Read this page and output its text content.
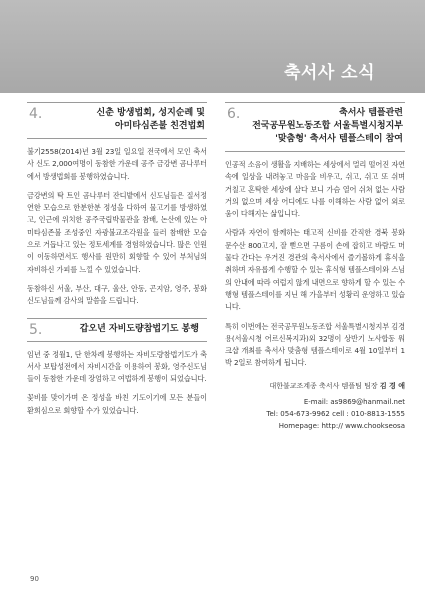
축서사 소식
4.	신춘 방생법회, 성지순례 및
아미타심존불 친견법회

불기2558(2014)년 3월 23일 일요일 전국에서 모인 축서사 신도 2,000여명이 동참한 가운데 공주 금강변 곰나루터에서 방생법회를 봉행하였습니다.

금강변의 탁 트인 곰나루터 잔디밭에서 신도님들은 질서정연한 모습으로 한분한분 정성을 다하여 물고기를 방생하였고, 인근에 위치한 공주국립박물관을 참배, 논산에 있는 아미타심존불 조성중인 자광불교조각원을 들러 참배한 모습으로 거듭나고 있는 정토세계를 경험하였습니다. 많은 인원이 이동하면서도 행사를 원만히 회향할 수 있어 부처님의 자비하신 가피를 느낄 수 있었습니다.

동참하신 서울, 부산, 대구, 울산, 안동, 곤지암, 영주, 봉화신도님들께 감사의 말씀을 드립니다.

5.	갑오년 자비도량참법기도 봉행

임년 중 정월1, 단 한차례 봉행하는 자비도량참법기도가 축서사 보탑성전에서 자비시간을 이용하여 봉화, 영주신도님들이 동참한 가운데 장엄하고 여법하게 봉행이 되었습니다.

꽃비를 맞이가며 온 정성을 바친 기도이기에 모든 분들이 환희심으로 회향할 수가 있었습니다.

6.	축서사 템플관련
전국공무원노동조합 서울특별시청지부
'맞춤형' 축서사 템플스테이 참여

인공적 소음이 생활을 지배하는 세상에서 멀리 떨어진 자연 속에 일상을 내려놓고 마음을 비우고, 쉬고, 쉬고 또 쉬며 거칠고 혼탁한 세상에 살다 보니 가슴 열어 쉬쳐 없는 사람 거의 없으며 세상 어디에도 나를 이해하는 사람 없어 외로움이 다해지는 삶입니다.

사람과 자연이 함께하는 태고적 신비를 간직한 경북 봉화 문수산 800고지, 잘 뻗으면 구름이 손에 잡히고 바람도 머물다 간다는 우거진 경관의 축서사에서 즐기볼하게 휴식을 취하며 자유롭게 수행할 수 있는 휴식형 템플스테이와 스님의 안내에 따라 여럽지 않게 내면으로 향하게 할 수 있는 수행형 템플스테이를 지닌 해 가을부터 성황리 운영하고 있습니다.

특히 이번에는 전국공무원노동조합 서울특별시청지부 김경용(서울시청 어르신복지과)외 32명이 상반기 노사합동 워크샵 개최를 축서사 맞춤형 템플스테이로 4월 10일부터 1박 2일로 참여하게 됩니다.

대한불교조계종 축서사 템플팀 팀장 김 경 애
E-mail: as9869@hanmail.net
Tel: 054-673-9962 cell : 010-8813-1555
Homepage: http:// www.chookseosa
90
